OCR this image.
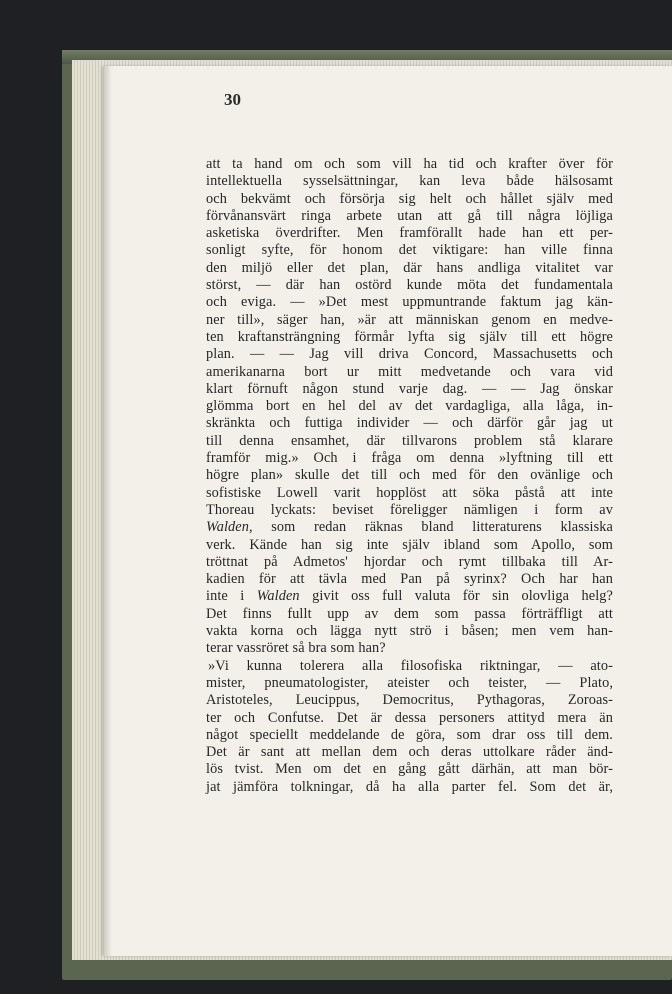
30
att ta hand om och som vill ha tid och krafter över för
intellektuella sysselsättningar, kan leva både hälsosamt
och bekvämt och försörja sig helt och hållet själv med
förvånansvärt ringa arbete utan att gå till några löjliga
asketiska överdrifter. Men framförallt hade han ett per-
sonligt syfte, för honom det viktigare: han ville finna
den miljö eller det plan, där hans andliga vitalitet var
störst, — där han ostörd kunde möta det fundamentala
och eviga. — »Det mest uppmuntrande faktum jag kän-
ner till», säger han, »är att människan genom en medve-
ten kraftansträngning förmår lyfta sig själv till ett högre
plan. — — Jag vill driva Concord, Massachusetts och
amerikanarna bort ur mitt medvetande och vara vid
klart förnuft någon stund varje dag. — — Jag önskar
glömma bort en hel del av det vardagliga, alla låga, in-
skränkta och futtiga individer — och därför går jag ut
till denna ensamhet, där tillvarons problem stå klarare
framför mig.» Och i fråga om denna »lyftning till ett
högre plan» skulle det till och med för den ovänlige och
sofistiske Lowell varit hopplöst att söka påstå att inte
Thoreau lyckats: beviset föreligger nämligen i form av
Walden, som redan räknas bland litteraturens klassiska
verk. Kände han sig inte själv ibland som Apollo, som
tröttnat på Admetos' hjordar och rymt tillbaka till Ar-
kadien för att tävla med Pan på syrinx? Och har han
inte i Walden givit oss full valuta för sin olovliga helg?
Det finns fullt upp av dem som passa förträffligt att
vakta korna och lägga nytt strö i båsen; men vem han-
terar vassröret så bra som han?
»Vi kunna tolerera alla filosofiska riktningar, — ato-
mister, pneumatologister, ateister och teister, — Plato,
Aristoteles, Leucippus, Democritus, Pythagoras, Zoroas-
ter och Confutse. Det är dessa personers attityd mera än
något speciellt meddelande de göra, som drar oss till dem.
Det är sant att mellan dem och deras uttolkare råder änd-
lös tvist. Men om det en gång gått därhän, att man bör-
jat jämföra tolkningar, då ha alla parter fel. Som det är,
